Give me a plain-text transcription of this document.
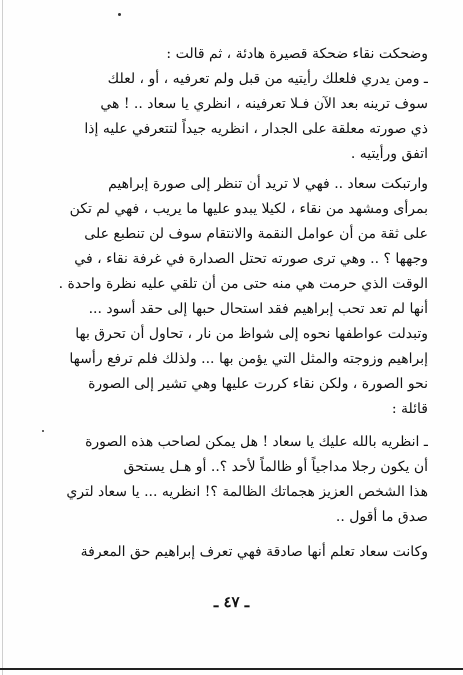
وضحكت نقاء ضحكة قصيرة هادئة ، ثم قالت :
ـ ومن يدري فلعلك رأيتيه من قبل ولم تعرفيه ، أو ، لعلك
سوف ترينه بعد الآن فـلا تعرفينه ، انظري يا سعاد .. ! هي
ذي صورته معلقة على الجدار ، انظريه جيداً لتتعرفي عليه إذا
اتفق ورأيتيه .
وارتبكت سعاد .. فهي لا تريد أن تنظر إلى صورة إبراهيم
بمرأى ومشهد من نقاء ، لكيلا يبدو عليها ما يريب ، فهي لم تكن
على ثقة من أن عوامل النقمة والانتقام سوف لن تنطبع على
وجهها ؟ .. وهي ترى صورته تحتل الصدارة في غرفة نقاء ، في
الوقت الذي حرمت هي منه حتى من أن تلقي عليه نظرة واحدة .
أنها لم تعد تحب إبراهيم فقد استحال حبها إلى حقد أسود ...
وتبدلت عواطفها نحوه إلى شواظ من نار ، تحاول أن تحرق بها
إبراهيم وزوجته والمثل التي يؤمن بها ... ولذلك فلم ترفع رأسها
نحو الصورة ، ولكن نقاء كررت عليها وهي تشير إلى الصورة
قائلة :
ـ انظريه بالله عليك يا سعاد ! هل يمكن لصاحب هذه الصورة
أن يكون رجلا مداجياً أو ظالماً لأحد ؟.. أو هـل يستحق
هذا الشخص العزيز هجماتك الظالمة ؟! انظريه ... يا سعاد لتري
صدق ما أقول ..
وكانت سعاد تعلم أنها صادقة فهي تعرف إبراهيم حق المعرفة
ـ ٤٧ ـ
